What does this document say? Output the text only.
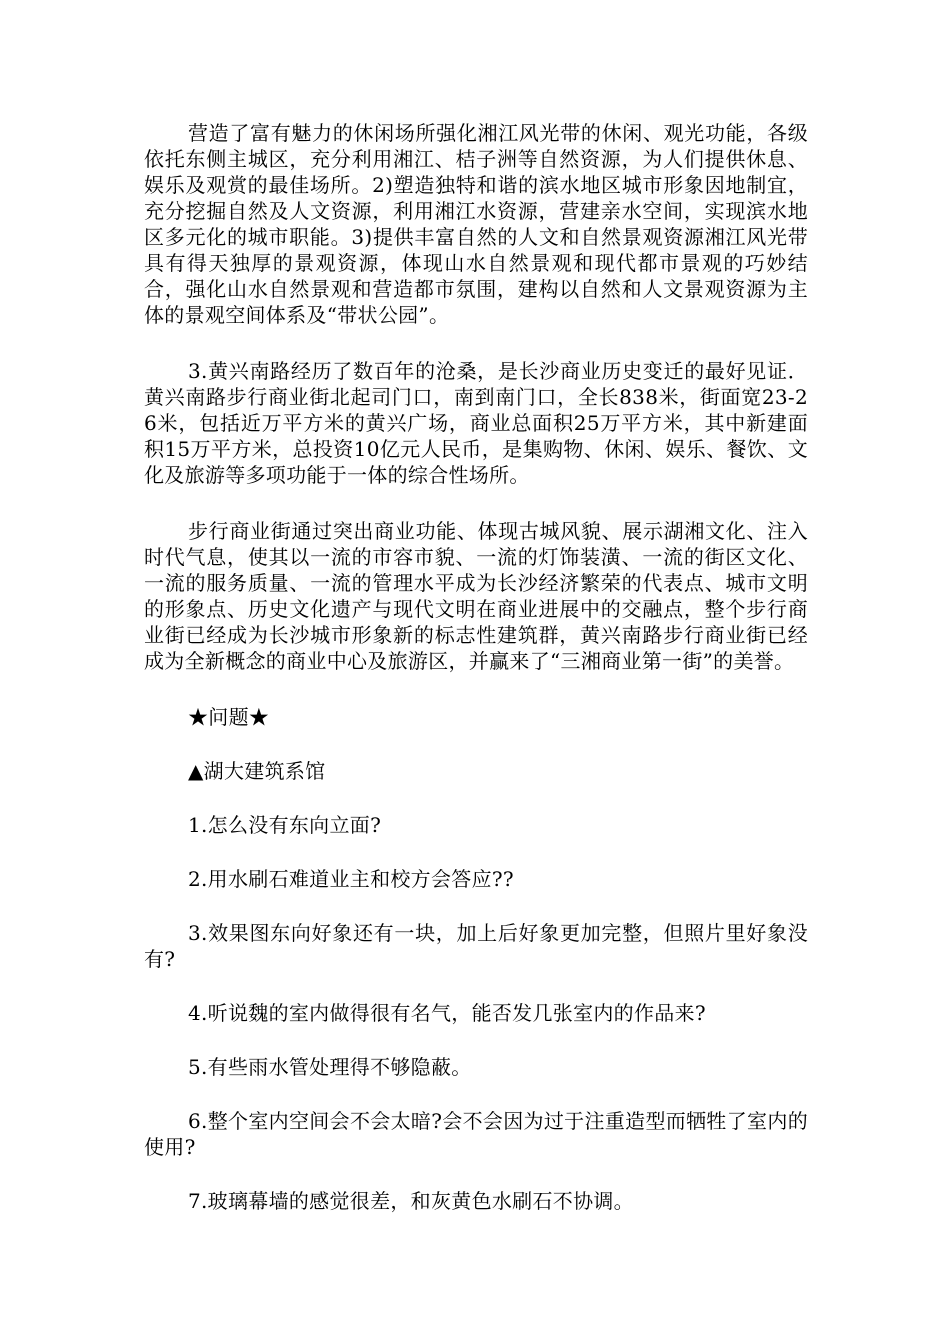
营造了富有魅力的休闲场所强化湘江风光带的休闲、观光功能，各级依托东侧主城区，充分利用湘江、桔子洲等自然资源，为人们提供休息、娱乐及观赏的最佳场所。2)塑造独特和谐的滨水地区城市形象因地制宜，充分挖掘自然及人文资源，利用湘江水资源，营建亲水空间，实现滨水地区多元化的城市职能。3)提供丰富自然的人文和自然景观资源湘江风光带具有得天独厚的景观资源，体现山水自然景观和现代都市景观的巧妙结合，强化山水自然景观和营造都市氛围，建构以自然和人文景观资源为主体的景观空间体系及“带状公园”。

3.黄兴南路经历了数百年的沧桑，是长沙商业历史变迁的最好见证．黄兴南路步行商业街北起司门口，南到南门口，全长838米，街面宽23-26米，包括近万平方米的黄兴广场，商业总面积25万平方米，其中新建面积15万平方米，总投资10亿元人民币，是集购物、休闲、娱乐、餐饮、文化及旅游等多项功能于一体的综合性场所。

步行商业街通过突出商业功能、体现古城风貌、展示湖湘文化、注入时代气息，使其以一流的市容市貌、一流的灯饰装潢、一流的街区文化、一流的服务质量、一流的管理水平成为长沙经济繁荣的代表点、城市文明的形象点、历史文化遗产与现代文明在商业进展中的交融点，整个步行商业街已经成为长沙城市形象新的标志性建筑群，黄兴南路步行商业街已经成为全新概念的商业中心及旅游区，并赢来了“三湘商业第一街”的美誉。

★问题★

▲湖大建筑系馆

1.怎么没有东向立面?

2.用水刷石难道业主和校方会答应??

3.效果图东向好象还有一块，加上后好象更加完整，但照片里好象没有?

4.听说魏的室内做得很有名气，能否发几张室内的作品来?

5.有些雨水管处理得不够隐蔽。

6.整个室内空间会不会太暗?会不会因为过于注重造型而牺牲了室内的使用?

7.玻璃幕墙的感觉很差，和灰黄色水刷石不协调。
